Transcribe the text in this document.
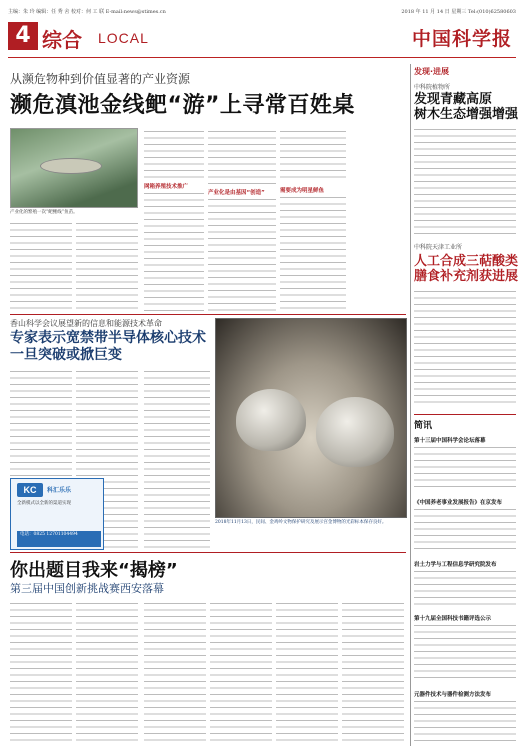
主编：朱 玲 编辑：任 秀 舍 校对：何 工 联 E-mail:news@stimes.cn	2018 年 11 月 14 日 星期三 Tel:(010)62580603
4 综合 LOCAL	中国科学报
从濒危物种到价值显著的产业资源
濒危滇池金线鲃“游”上寻常百姓桌
产业化的繁殖一次“鲃鲤线”鱼苗。
网箱养殖技术推广
产业化是由基因“创造”	需要成为明星鲜鱼
香山科学会议展望新的信息和能源技术革命
专家表示宽禁带半导体核心技术
一旦突破或掀巨变
2018年11月13日，民间、金鸡岭文物保护研究及展示宫金博物的光彩标本保存良好。
KC	科汇乐乐
全新模式以全新的渠道实现
电话：0825 12701104494
你出题目我来“揭榜”
第三届中国创新挑战赛西安落幕
发现·进展
中科院植物所
发现青藏高原
树木生态增强增强
中科院天津工业所
人工合成三萜酸类
膳食补充剂获进展
简讯
第十三届中国科学会论坛落幕
《中国养老事业发展报告》在京发布
岩土力学与工程信息学研究院发布
第十九届全国科技书籍评选公示
元器件技术与器件检测方法发布
